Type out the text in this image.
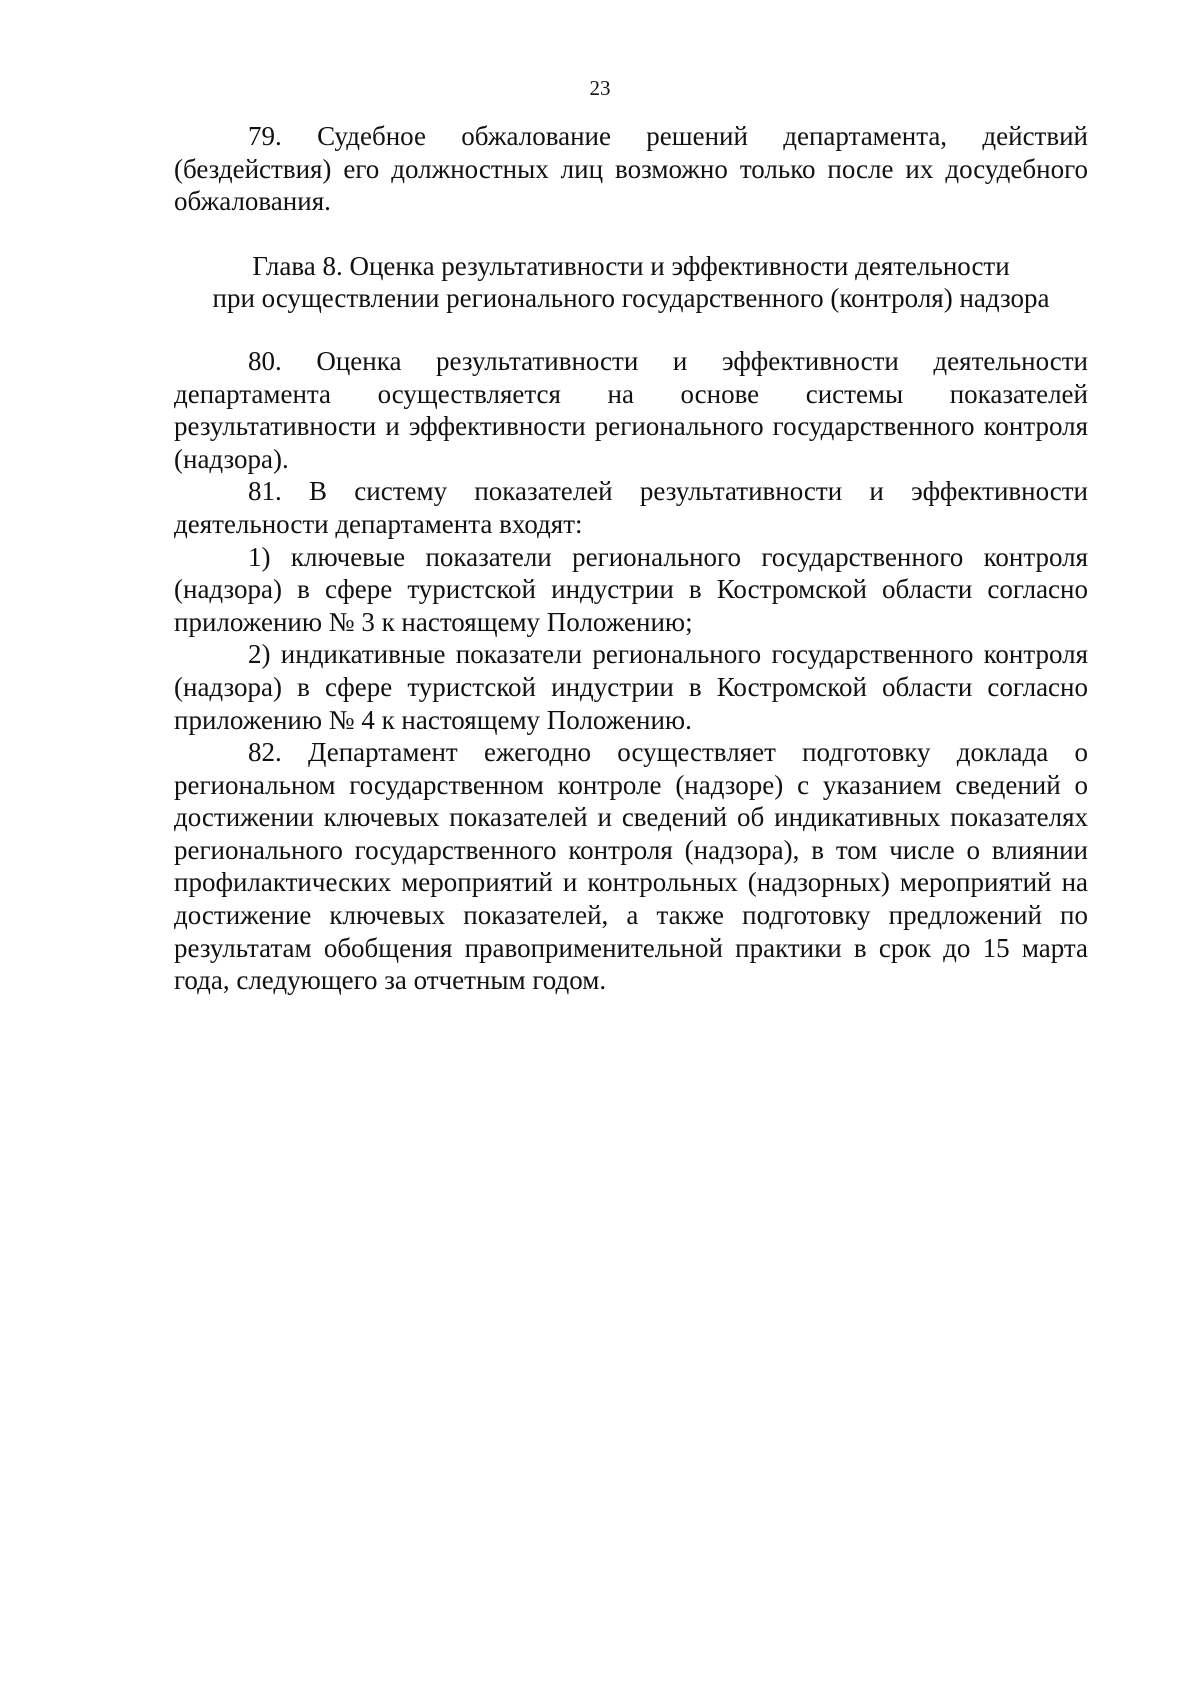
23

79. Судебное обжалование решений департамента, действий (бездействия) его должностных лиц возможно только после их досудебного обжалования.

Глава 8. Оценка результативности и эффективности деятельности

при осуществлении регионального государственного (контроля) надзора

80. Оценка результативности и эффективности деятельности департамента осуществляется на основе системы показателей результативности и эффективности регионального государственного контроля (надзора).

81. В систему показателей результативности и эффективности деятельности департамента входят:

1) ключевые показатели регионального государственного контроля (надзора) в сфере туристской индустрии в Костромской области согласно приложению № 3 к настоящему Положению;

2) индикативные показатели регионального государственного контроля (надзора) в сфере туристской индустрии в Костромской области согласно приложению № 4 к настоящему Положению.

82. Департамент ежегодно осуществляет подготовку доклада о региональном государственном контроле (надзоре) с указанием сведений о достижении ключевых показателей и сведений об индикативных показателях регионального государственного контроля (надзора), в том числе о влиянии профилактических мероприятий и контрольных (надзорных) мероприятий на достижение ключевых показателей, а также подготовку предложений по результатам обобщения правоприменительной практики в срок до 15 марта года, следующего за отчетным годом.
